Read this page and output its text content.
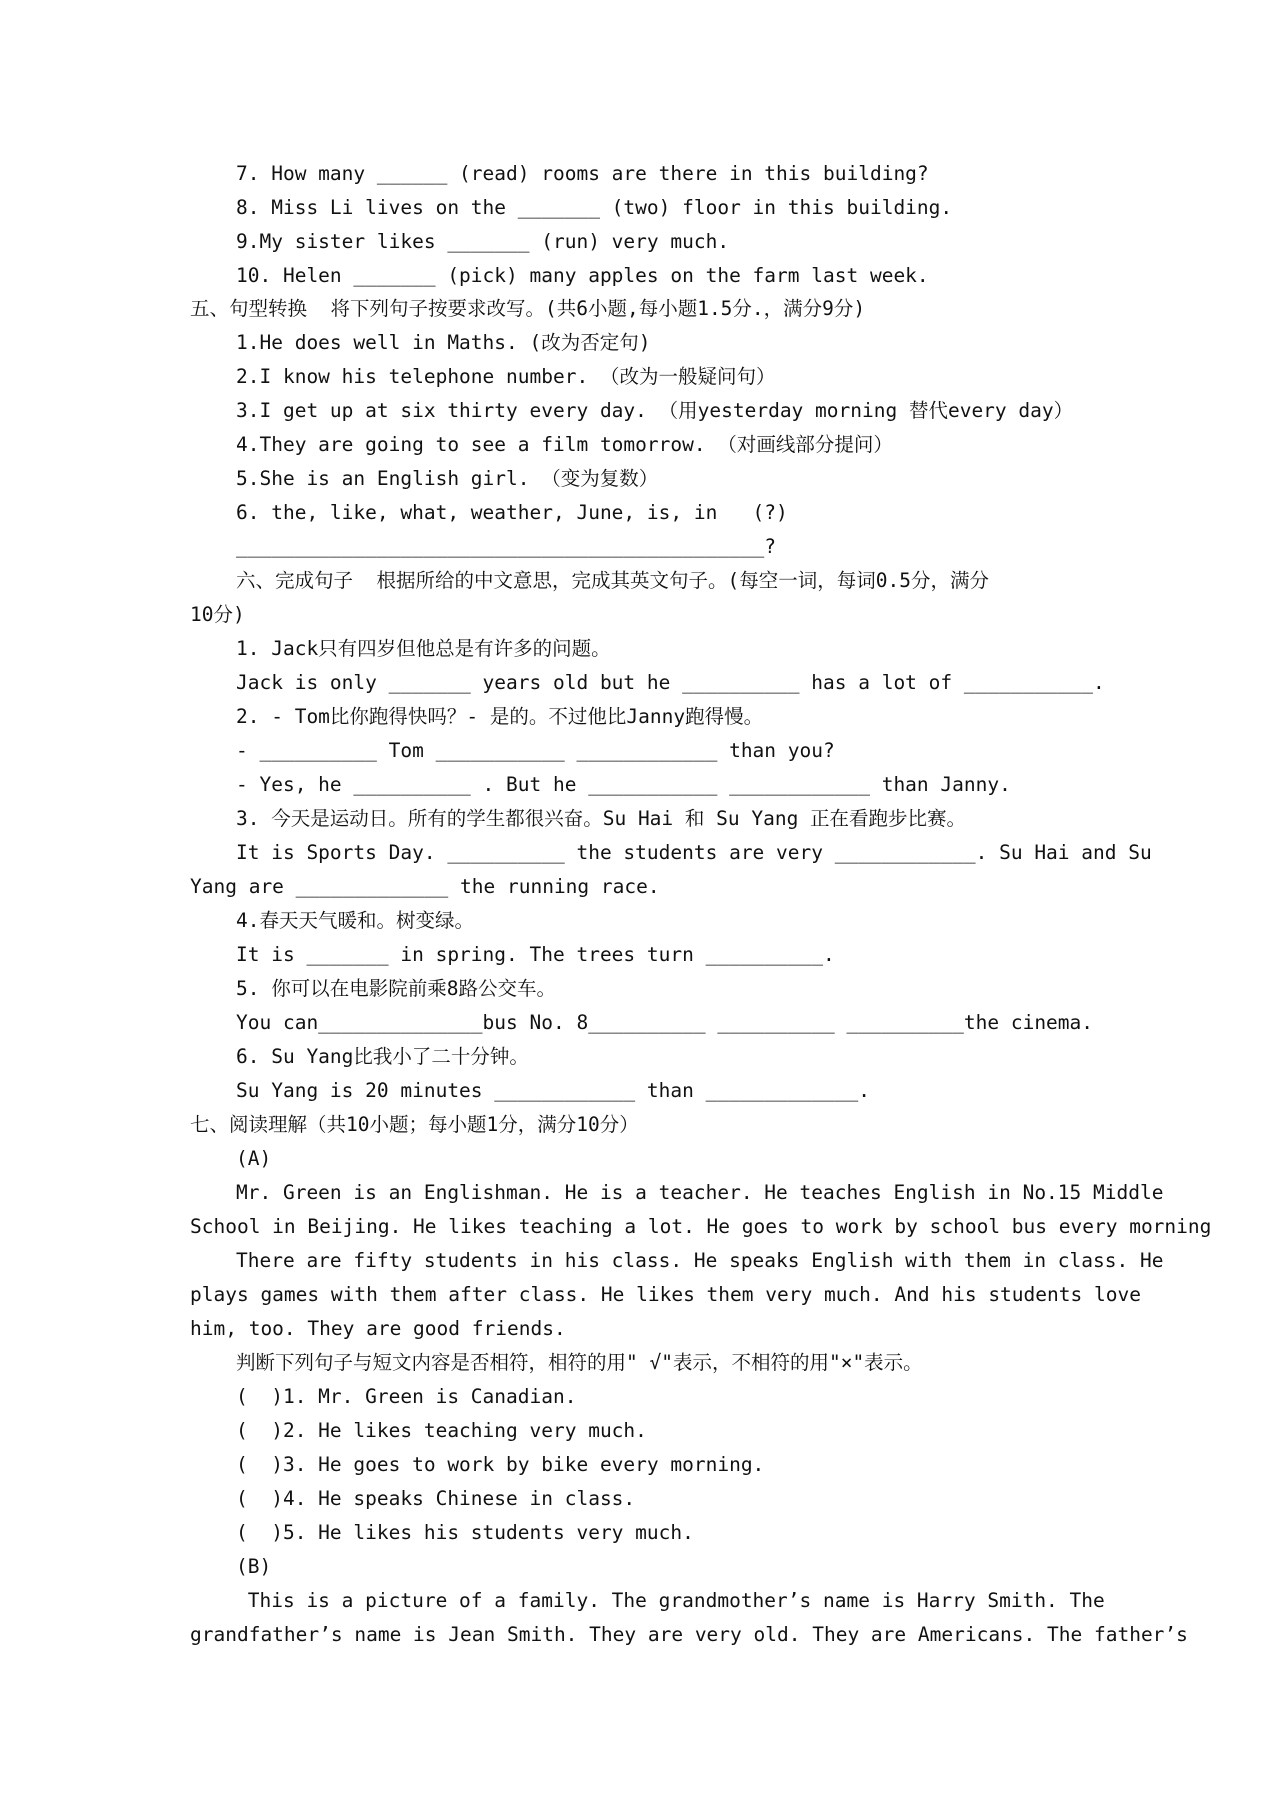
7. How many ______ (read) rooms are there in this building?
8. Miss Li lives on the _______ (two) floor in this building.
9.My sister likes _______ (run) very much.
10. Helen _______ (pick) many apples on the farm last week.
五、句型转换  将下列句子按要求改写。(共6小题,每小题1.5分.，满分9分)
1.He does well in Maths. (改为否定句)
2.I know his telephone number. （改为一般疑问句）
3.I get up at six thirty every day. （用yesterday morning 替代every day）
4.They are going to see a film tomorrow. （对画线部分提问）
5.She is an English girl. （变为复数）
6. the, like, what, weather, June, is, in   (?)
_____________________________________________?
六、完成句子  根据所给的中文意思，完成其英文句子。(每空一词，每词0.5分，满分
10分)
1. Jack只有四岁但他总是有许多的问题。
Jack is only _______ years old but he __________ has a lot of ___________.
2. - Tom比你跑得快吗？- 是的。不过他比Janny跑得慢。
- __________ Tom ___________ ____________ than you?
- Yes, he __________ . But he ___________ ____________ than Janny.
3. 今天是运动日。所有的学生都很兴奋。Su Hai 和 Su Yang 正在看跑步比赛。
It is Sports Day. __________ the students are very ____________. Su Hai and Su
Yang are _____________ the running race.
4.春天天气暖和。树变绿。
It is _______ in spring. The trees turn __________.
5. 你可以在电影院前乘8路公交车。
You can______________bus No. 8__________ __________ __________the cinema.
6. Su Yang比我小了二十分钟。
Su Yang is 20 minutes ____________ than _____________.
七、阅读理解（共10小题；每小题1分，满分10分）
(A)
Mr. Green is an Englishman. He is a teacher. He teaches English in No.15 Middle
School in Beijing. He likes teaching a lot. He goes to work by school bus every morning
There are fifty students in his class. He speaks English with them in class. He
plays games with them after class. He likes them very much. And his students love
him, too. They are good friends.
判断下列句子与短文内容是否相符，相符的用" √"表示，不相符的用"×"表示。
(  )1. Mr. Green is Canadian.
(  )2. He likes teaching very much.
(  )3. He goes to work by bike every morning.
(  )4. He speaks Chinese in class.
(  )5. He likes his students very much.
(B)
This is a picture of a family. The grandmother’s name is Harry Smith. The
grandfather’s name is Jean Smith. They are very old. They are Americans. The father’s
